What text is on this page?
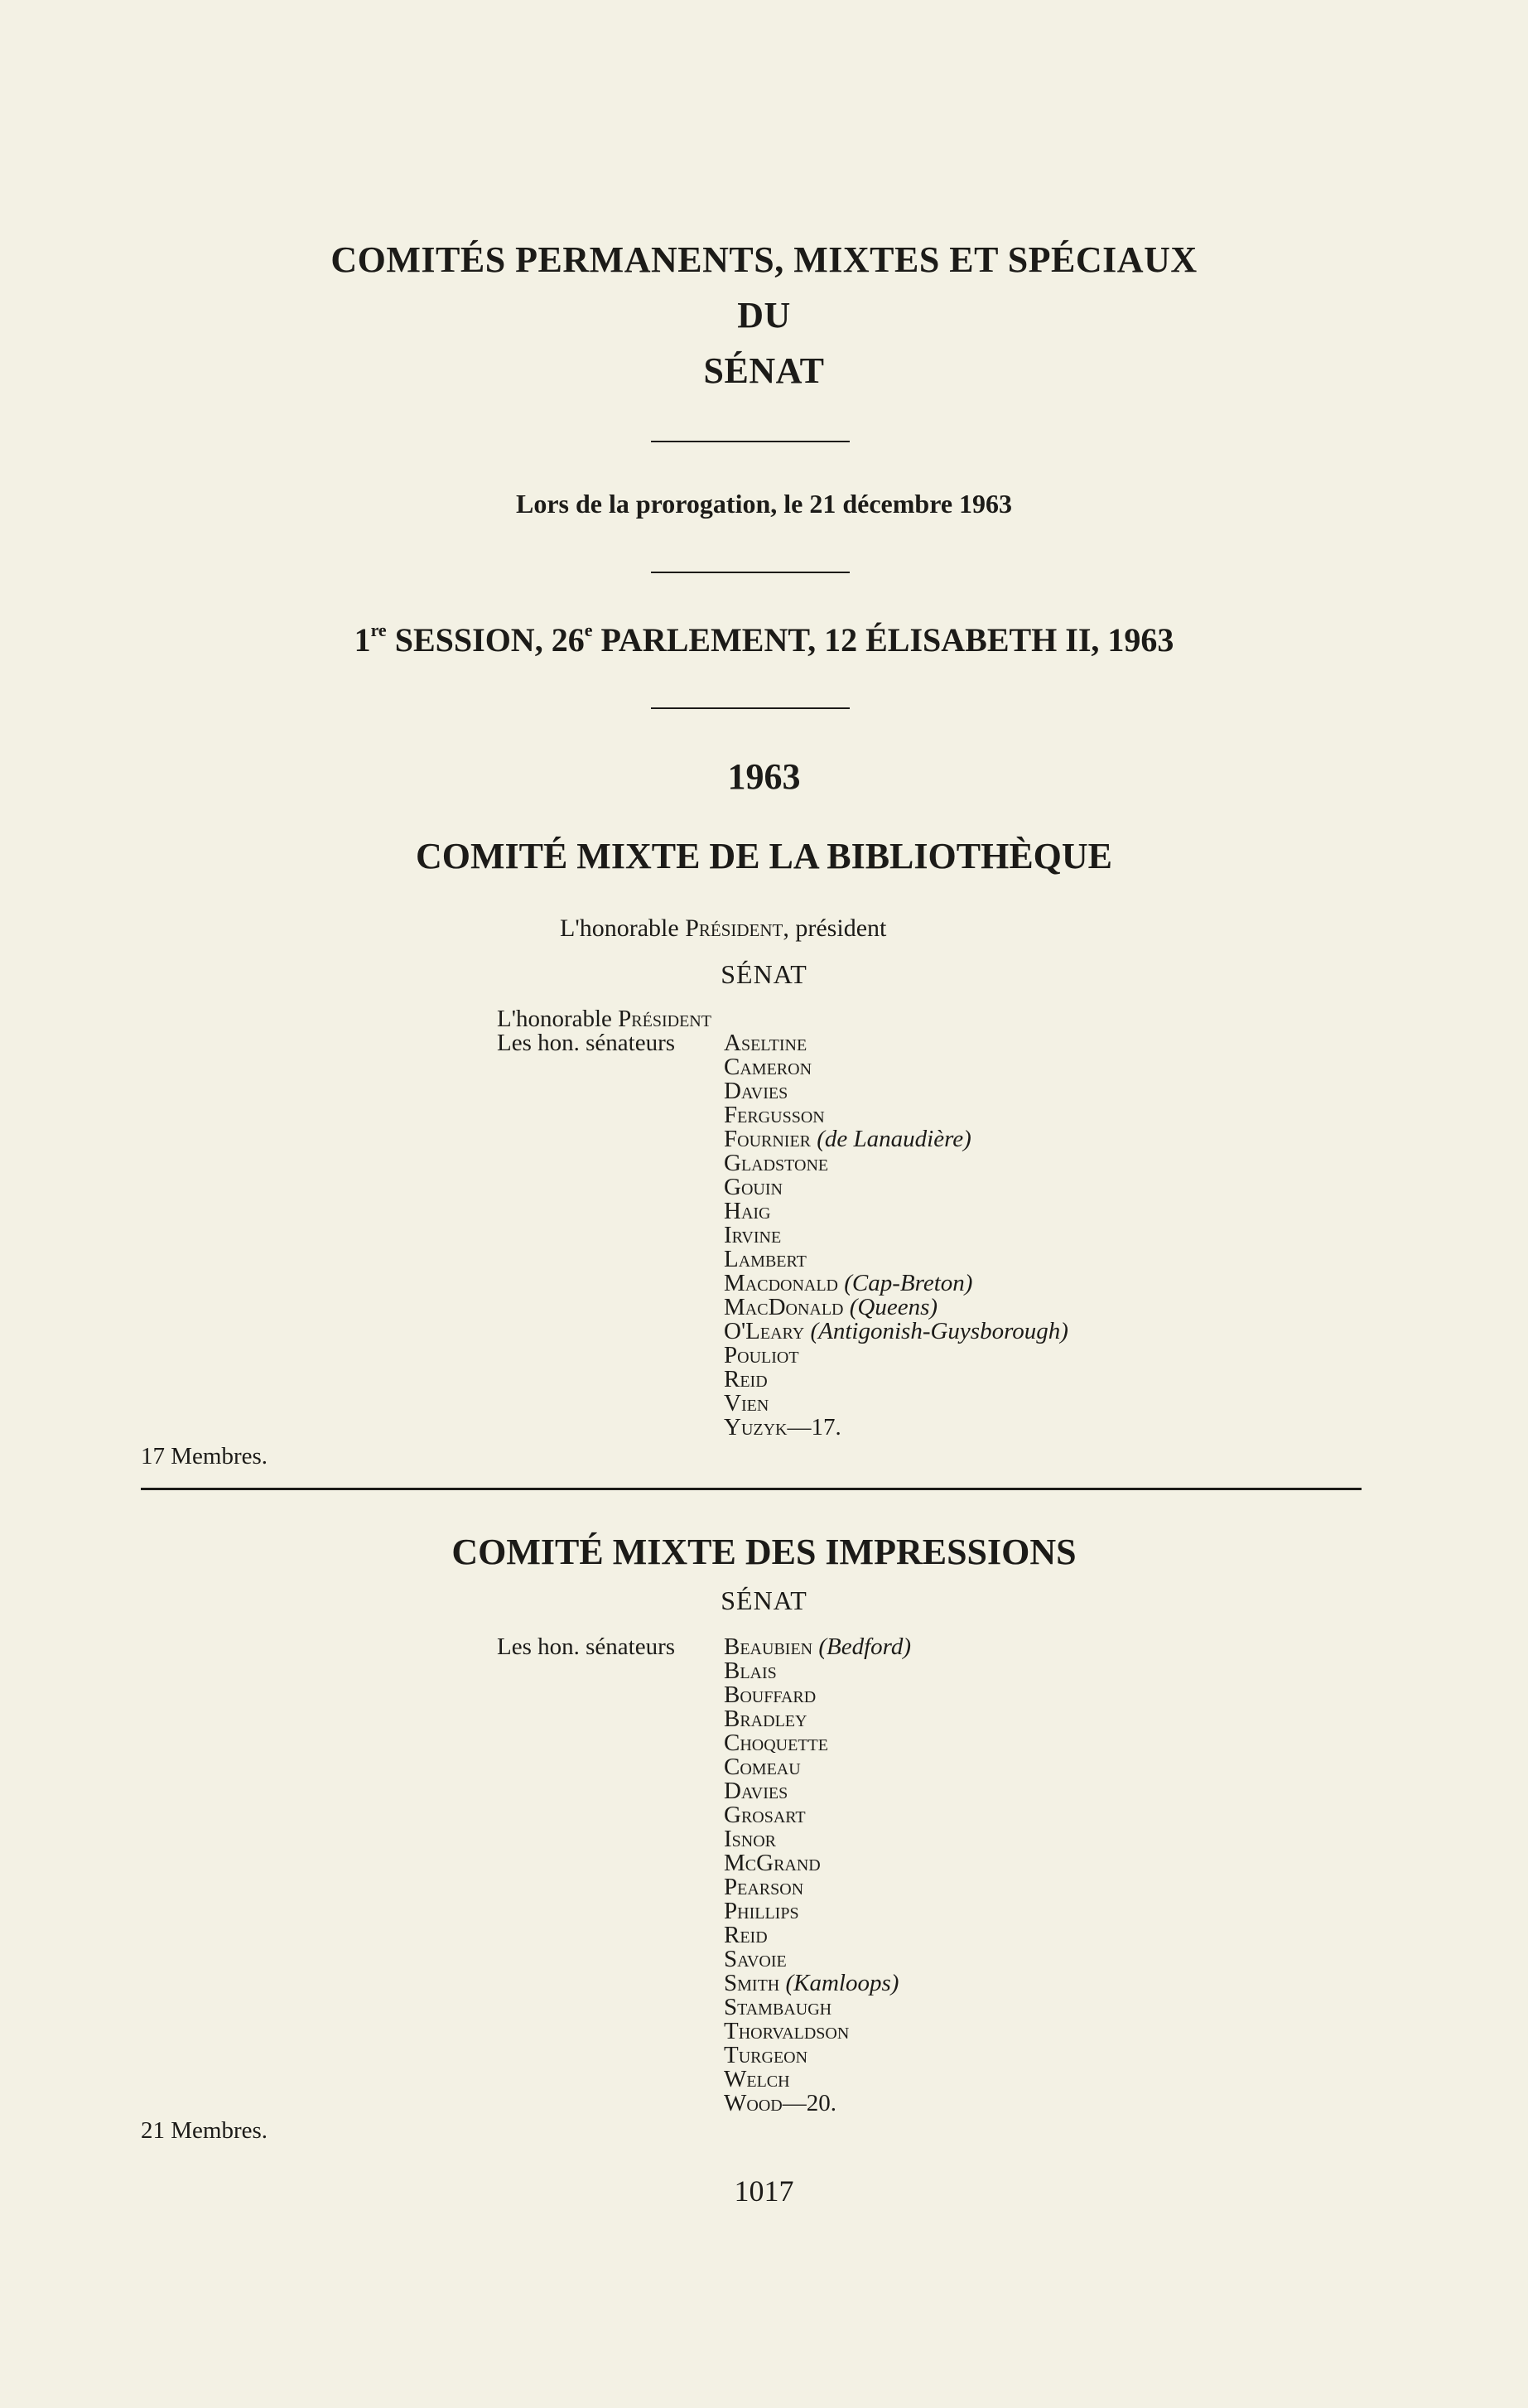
COMITÉS PERMANENTS, MIXTES ET SPÉCIAUX
DU
SÉNAT
Lors de la prorogation, le 21 décembre 1963
1re SESSION, 26e PARLEMENT, 12 ÉLISABETH II, 1963
1963
COMITÉ MIXTE DE LA BIBLIOTHÈQUE
L'honorable Président, président
SÉNAT
L'honorable Président
Les hon. sénateurs Aseltine
Cameron
Davies
Fergusson
Fournier (de Lanaudière)
Gladstone
Gouin
Haig
Irvine
Lambert
Macdonald (Cap-Breton)
MacDonald (Queens)
O'Leary (Antigonish-Guysborough)
Pouliot
Reid
Vien
Yuzyk—17.
17 Membres.
COMITÉ MIXTE DES IMPRESSIONS
SÉNAT
Les hon. sénateurs Beaubien (Bedford)
Blais
Bouffard
Bradley
Choquette
Comeau
Davies
Grosart
Isnor
McGrand
Pearson
Phillips
Reid
Savoie
Smith (Kamloops)
Stambaugh
Thorvaldson
Turgeon
Welch
Wood—20.
21 Membres.
1017
